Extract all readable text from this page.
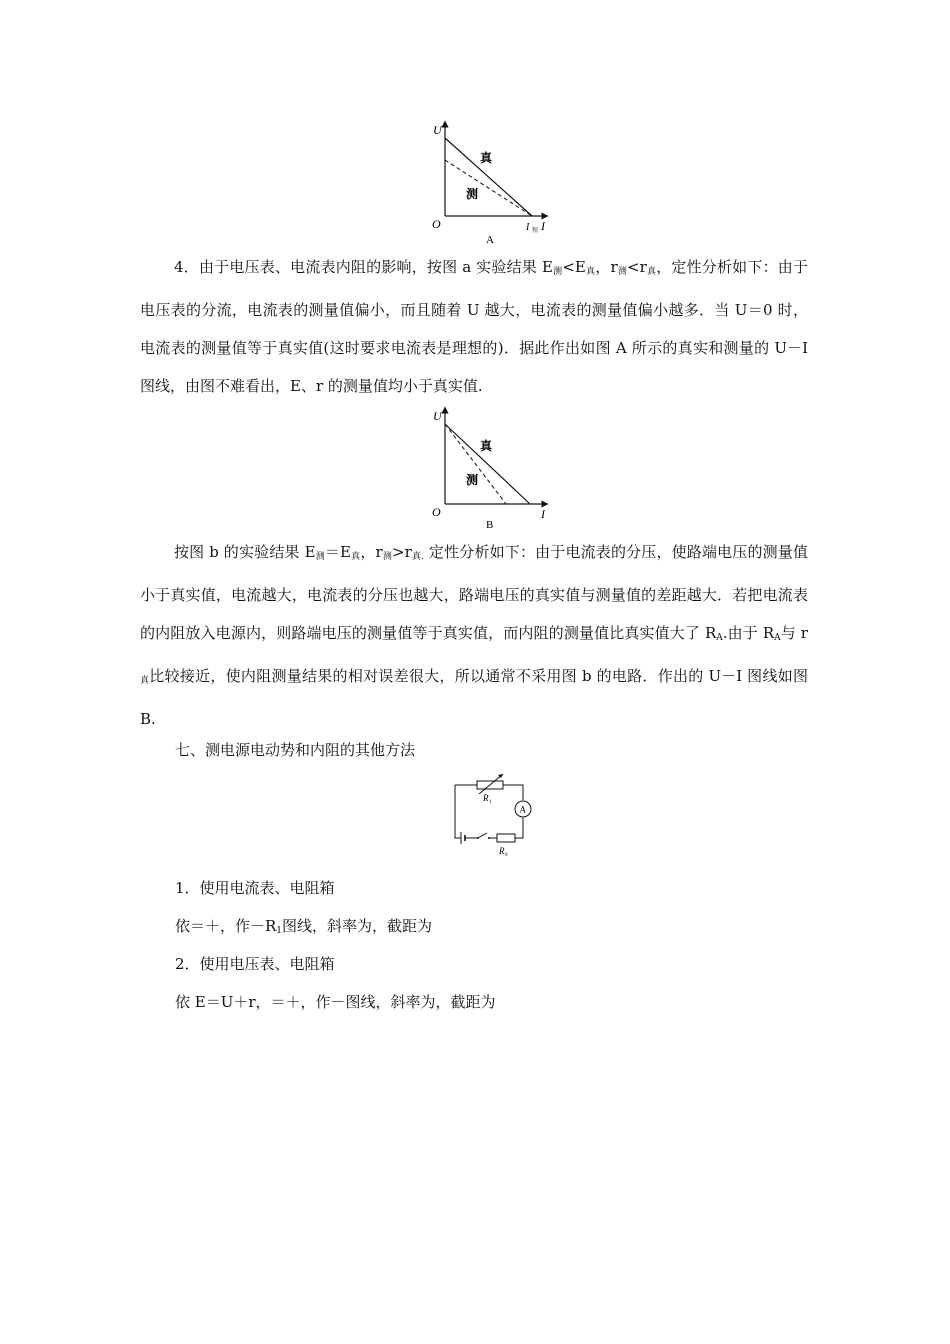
U
I
O
真
测
I 短
A

4．由于电压表、电流表内阻的影响，按图 a 实验结果 $E_测<E_真$，$r_测<r_真$，定性分析如下：由于电压表的分流，电流表的测量值偏小，而且随着 U 越大，电流表的测量值偏小越多．当 U＝0 时，电流表的测量值等于真实值(这时要求电流表是理想的)．据此作出如图 A 所示的真实和测量的 U－I 图线，由图不难看出，E、r 的测量值均小于真实值.

U
I
O
真
测
B

按图 b 的实验结果 $E_测=E_真$，$r_测>r_{真.}$ 定性分析如下：由于电流表的分压，使路端电压的测量值小于真实值，电流越大，电流表的分压也越大，路端电压的真实值与测量值的差距越大．若把电流表的内阻放入电源内，则路端电压的测量值等于真实值，而内阻的测量值比真实值大了 $R_A$.由于 $R_A$与 $r_真$比较接近，使内阻测量结果的相对误差很大，所以通常不采用图 b 的电路．作出的 U－I 图线如图 B.

七、测电源电动势和内阻的其他方法
R 1
A
R 0
1．使用电流表、电阻箱
依＝＋，作$-R_1$图线，斜率为，截距为
2．使用电压表、电阻箱
依 E＝U＋r，＝＋，作－图线，斜率为，截距为
